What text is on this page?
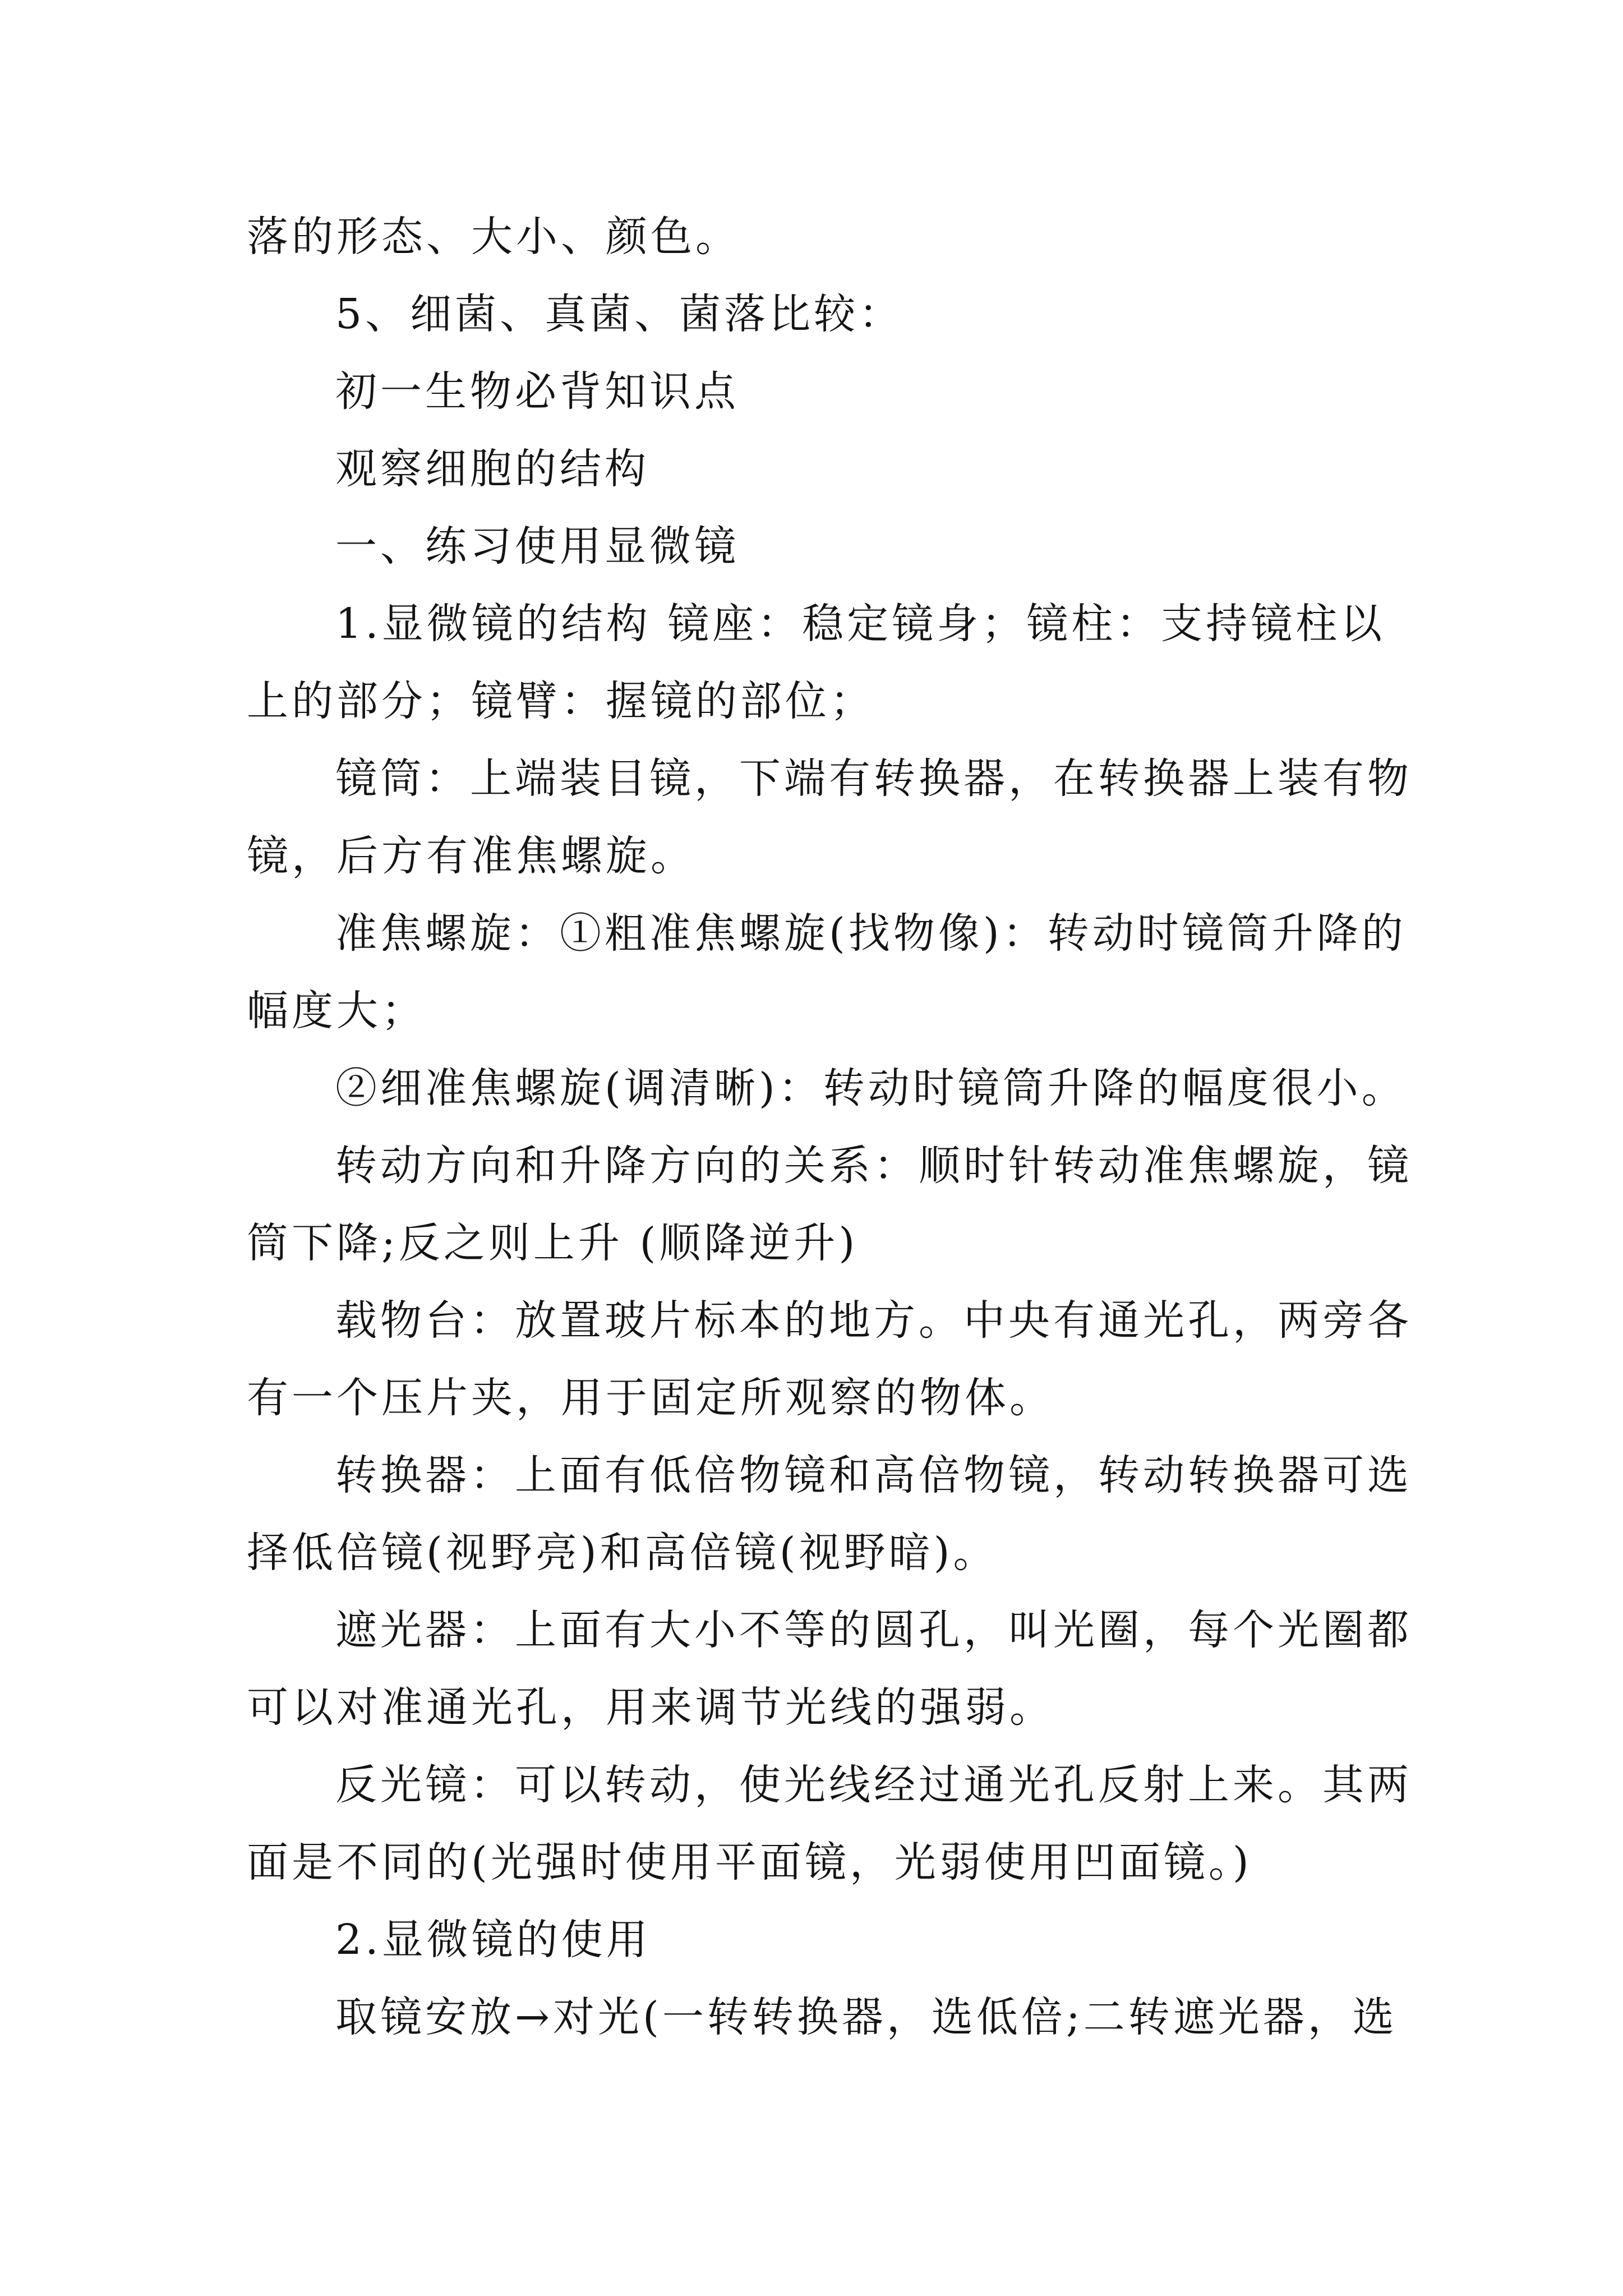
落的形态、大小、颜色。
5、细菌、真菌、菌落比较：
初一生物必背知识点
观察细胞的结构
一、练习使用显微镜
1.显微镜的结构 镜座：稳定镜身；镜柱：支持镜柱以
上的部分；镜臂：握镜的部位；
镜筒：上端装目镜，下端有转换器，在转换器上装有物
镜，后方有准焦螺旋。
准焦螺旋：①粗准焦螺旋(找物像)：转动时镜筒升降的
幅度大；
②细准焦螺旋(调清晰)：转动时镜筒升降的幅度很小。
转动方向和升降方向的关系：顺时针转动准焦螺旋，镜
筒下降;反之则上升 (顺降逆升)
载物台：放置玻片标本的地方。中央有通光孔，两旁各
有一个压片夹，用于固定所观察的物体。
转换器：上面有低倍物镜和高倍物镜，转动转换器可选
择低倍镜(视野亮)和高倍镜(视野暗)。
遮光器：上面有大小不等的圆孔，叫光圈，每个光圈都
可以对准通光孔，用来调节光线的强弱。
反光镜：可以转动，使光线经过通光孔反射上来。其两
面是不同的(光强时使用平面镜，光弱使用凹面镜。)
2.显微镜的使用
取镜安放→对光(一转转换器，选低倍;二转遮光器，选
